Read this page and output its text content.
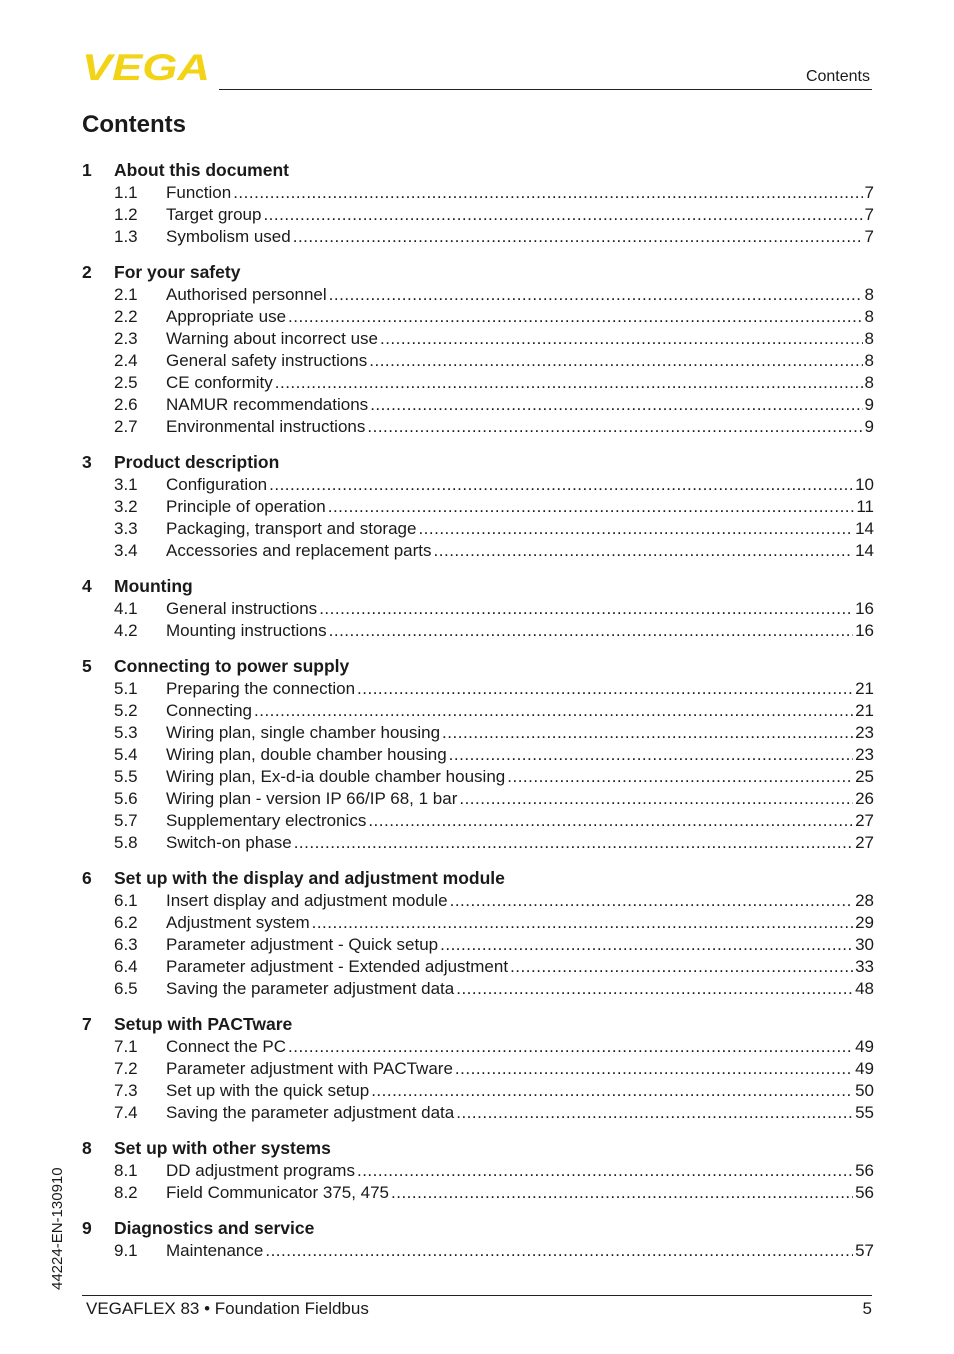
VEGA	Contents
Contents
1	About this document
1.1	Function .....	7
1.2	Target group .....	7
1.3	Symbolism used .....	7
2	For your safety
2.1	Authorised personnel .....	8
2.2	Appropriate use .....	8
2.3	Warning about incorrect use .....	8
2.4	General safety instructions .....	8
2.5	CE conformity .....	8
2.6	NAMUR recommendations .....	9
2.7	Environmental instructions .....	9
3	Product description
3.1	Configuration .....	10
3.2	Principle of operation .....	11
3.3	Packaging, transport and storage .....	14
3.4	Accessories and replacement parts .....	14
4	Mounting
4.1	General instructions .....	16
4.2	Mounting instructions .....	16
5	Connecting to power supply
5.1	Preparing the connection .....	21
5.2	Connecting .....	21
5.3	Wiring plan, single chamber housing .....	23
5.4	Wiring plan, double chamber housing .....	23
5.5	Wiring plan, Ex-d-ia double chamber housing .....	25
5.6	Wiring plan - version IP 66/IP 68, 1 bar .....	26
5.7	Supplementary electronics .....	27
5.8	Switch-on phase .....	27
6	Set up with the display and adjustment module
6.1	Insert display and adjustment module .....	28
6.2	Adjustment system .....	29
6.3	Parameter adjustment - Quick setup .....	30
6.4	Parameter adjustment - Extended adjustment .....	33
6.5	Saving the parameter adjustment data .....	48
7	Setup with PACTware
7.1	Connect the PC .....	49
7.2	Parameter adjustment with PACTware .....	49
7.3	Set up with the quick setup .....	50
7.4	Saving the parameter adjustment data .....	55
8	Set up with other systems
8.1	DD adjustment programs .....	56
8.2	Field Communicator 375, 475 .....	56
9	Diagnostics and service
9.1	Maintenance .....	57
44224-EN-130910
VEGAFLEX 83 • Foundation Fieldbus	5
